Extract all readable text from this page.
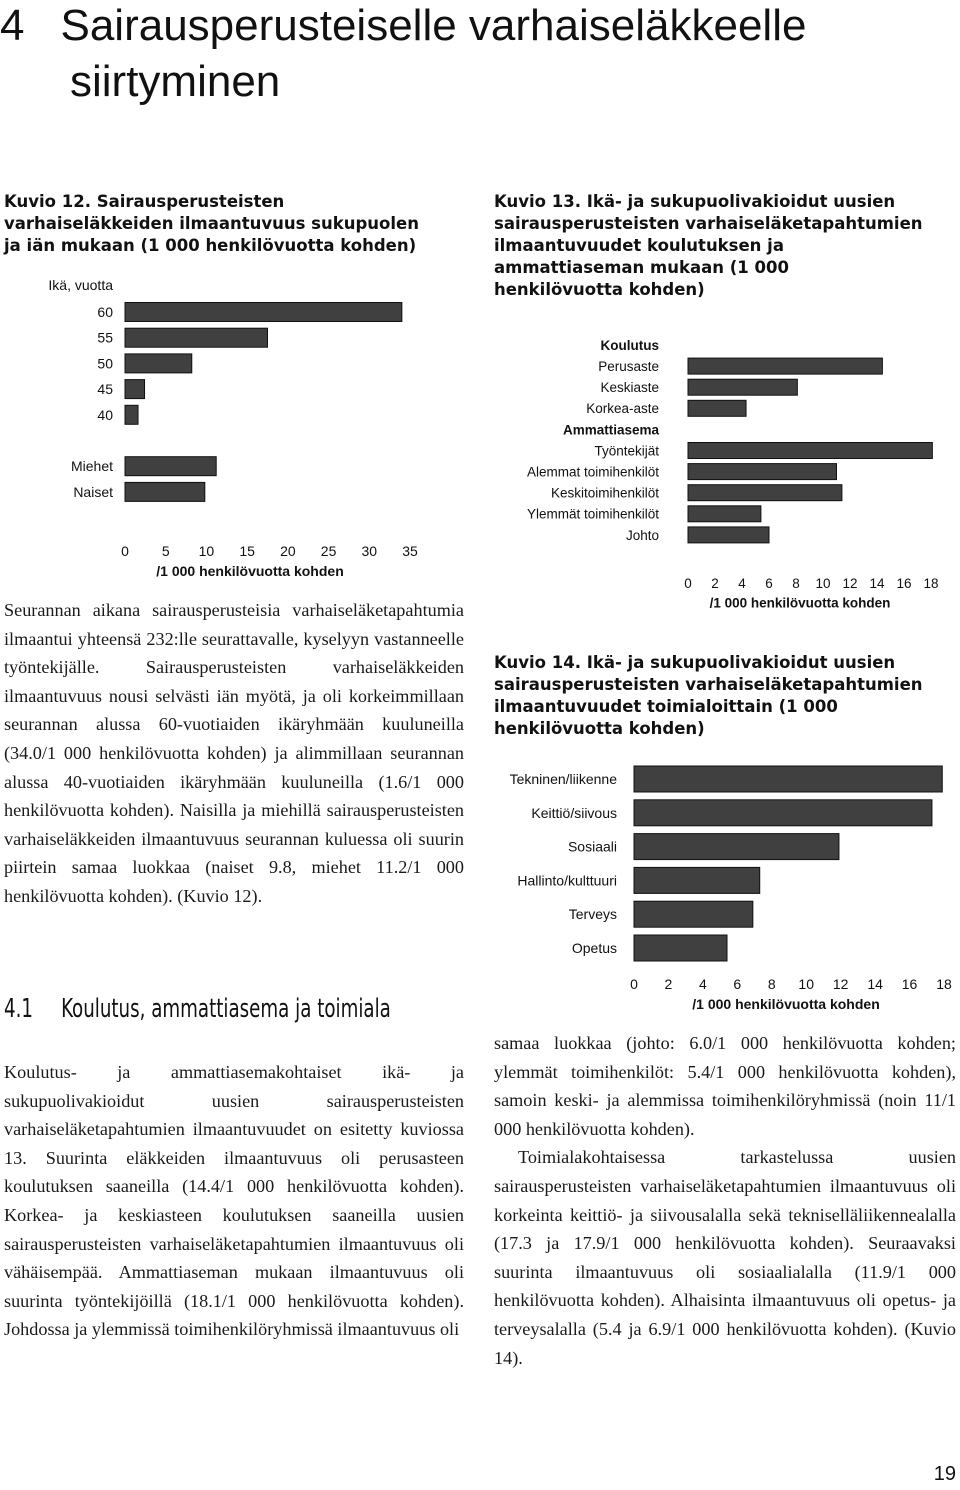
4 Sairausperusteiselle varhaiseläkkeelle
siirtyminen
Kuvio 12. Sairausperusteisten
varhaiseläkkeiden ilmaantuvuus sukupuolen
ja iän mukaan (1 000 henkilövuotta kohden)
Ikä, vuotta
60
55
50
45
40
Miehet
Naiset
0 5 10 15 20 25 30 35
/1 000 henkilövuotta kohden
Kuvio 13. Ikä- ja sukupuolivakioidut uusien
sairausperusteisten varhaiseläketapahtumien
ilmaantuvuudet koulutuksen ja
ammattiaseman mukaan (1 000
henkilövuotta kohden)
Koulutus
Perusaste
Keskiaste
Korkea-aste
Ammattiasema
Työntekijät
Alemmat toimihenkilöt
Keskitoimihenkilöt
Ylemmät toimihenkilöt
Johto
0 2 4 6 8 10 12 14 16 18
/1 000 henkilövuotta kohden
Kuvio 14. Ikä- ja sukupuolivakioidut uusien
sairausperusteisten varhaiseläketapahtumien
ilmaantuvuudet toimialoittain (1 000
henkilövuotta kohden)
Tekninen/liikenne
Keittiö/siivous
Sosiaali
Hallinto/kulttuuri
Terveys
Opetus
0 2 4 6 8 10 12 14 16 18
/1 000 henkilövuotta kohden

Seurannan aikana sairausperusteisia varhaiseläketapahtumia ilmaantui yhteensä 232:lle seurattavalle, kyselyyn vastanneelle työntekijälle. Sairausperusteisten varhaiseläkkeiden ilmaantuvuus nousi selvästi iän myötä, ja oli korkeimmillaan seurannan alussa 60-vuotiaiden ikäryhmään kuuluneilla (34.0/1 000 henkilövuotta kohden) ja alimmillaan seurannan alussa 40-vuotiaiden ikäryhmään kuuluneilla (1.6/1 000 henkilövuotta kohden). Naisilla ja miehillä sairausperusteisten varhaiseläkkeiden ilmaantuvuus seurannan kuluessa oli suurin piirtein samaa luokkaa (naiset 9.8, miehet 11.2/1 000 henkilövuotta kohden). (Kuvio 12).

4.1 Koulutus, ammattiasema ja toimiala

Koulutus- ja ammattiasemakohtaiset ikä- ja sukupuolivakioidut uusien sairausperusteisten varhaiseläketapahtumien ilmaantuvuudet on esitetty kuviossa 13. Suurinta eläkkeiden ilmaantuvuus oli perusasteen koulutuksen saaneilla (14.4/1 000 henkilövuotta kohden). Korkea- ja keskiasteen koulutuksen saaneilla uusien sairausperusteisten varhaiseläketapahtumien ilmaantuvuus oli vähäisempää. Ammattiaseman mukaan ilmaantuvuus oli suurinta työntekijöillä (18.1/1 000 henkilövuotta kohden). Johdossa ja ylemmissä toimihenkilöryhmissä ilmaantuvuus oli

samaa luokkaa (johto: 6.0/1 000 henkilövuotta kohden; ylemmät toimihenkilöt: 5.4/1 000 henkilövuotta kohden), samoin keski- ja alemmissa toimihenkilöryhmissä (noin 11/1 000 henkilövuotta kohden).

Toimialakohtaisessa tarkastelussa uusien sairausperusteisten varhaiseläketapahtumien ilmaantuvuus oli korkeinta keittiö- ja siivousalalla sekä tekniselläliikennealalla (17.3 ja 17.9/1 000 henkilövuotta kohden). Seuraavaksi suurinta ilmaantuvuus oli sosiaalialalla (11.9/1 000 henkilövuotta kohden). Alhaisinta ilmaantuvuus oli opetus- ja terveysalalla (5.4 ja 6.9/1 000 henkilövuotta kohden). (Kuvio 14).

19
